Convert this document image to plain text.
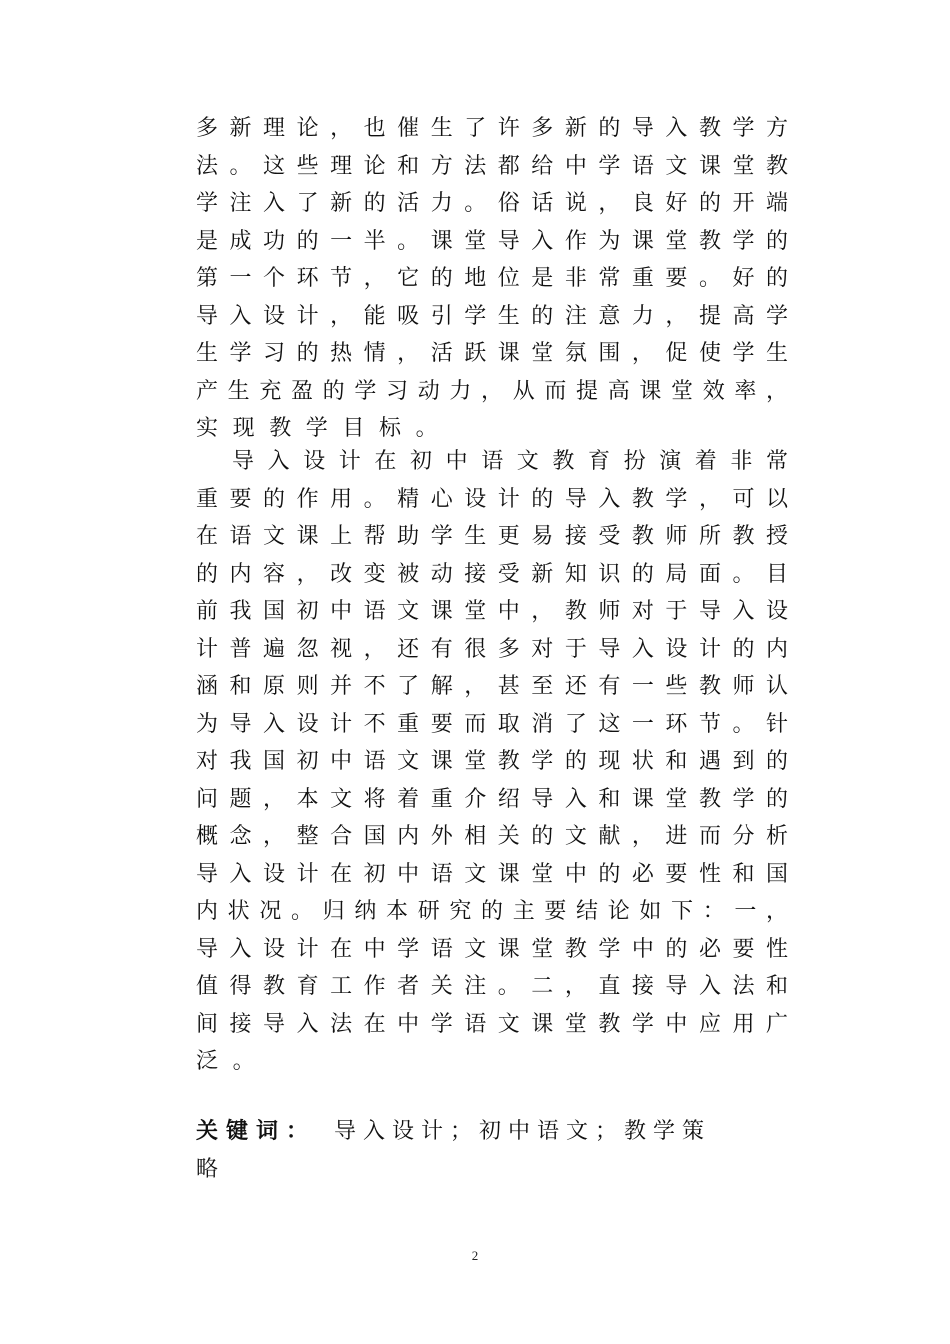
多新理论，也催生了许多新的导入教学方
法。这些理论和方法都给中学语文课堂教
学注入了新的活力。俗话说，良好的开端
是成功的一半。课堂导入作为课堂教学的
第一个环节，它的地位是非常重要。好的
导入设计，能吸引学生的注意力，提高学
生学习的热情，活跃课堂氛围，促使学生
产生充盈的学习动力，从而提高课堂效率，
实现教学目标。
导入设计在初中语文教育扮演着非常
重要的作用。精心设计的导入教学，可以
在语文课上帮助学生更易接受教师所教授
的内容，改变被动接受新知识的局面。目
前我国初中语文课堂中，教师对于导入设
计普遍忽视，还有很多对于导入设计的内
涵和原则并不了解，甚至还有一些教师认
为导入设计不重要而取消了这一环节。针
对我国初中语文课堂教学的现状和遇到的
问题，本文将着重介绍导入和课堂教学的
概念，整合国内外相关的文献，进而分析
导入设计在初中语文课堂中的必要性和国
内状况。归纳本研究的主要结论如下：一，
导入设计在中学语文课堂教学中的必要性
值得教育工作者关注。二，直接导入法和
间接导入法在中学语文课堂教学中应用广
泛。
关键词： 导入设计；初中语文；教学策
略
2
